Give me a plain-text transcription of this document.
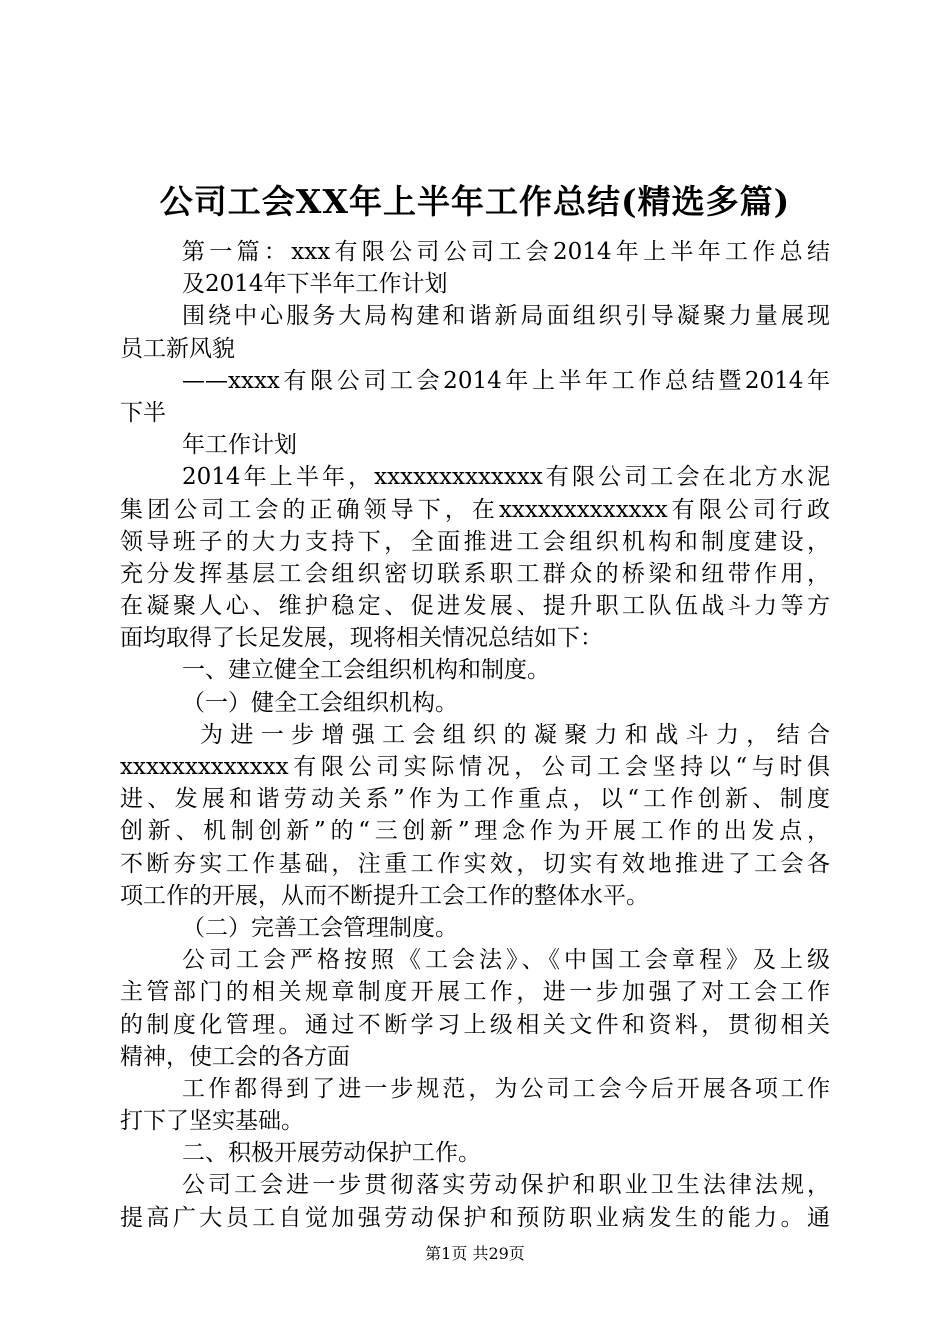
公司工会XX年上半年工作总结(精选多篇)
第一篇：xxx有限公司公司工会2014年上半年工作总结
及2014年下半年工作计划
围绕中心服务大局构建和谐新局面组织引导凝聚力量展现
员工新风貌
——xxxx有限公司工会2014年上半年工作总结暨2014年
下半
年工作计划
2014年上半年，xxxxxxxxxxxxx有限公司工会在北方水泥
集团公司工会的正确领导下，在xxxxxxxxxxxxx有限公司行政
领导班子的大力支持下，全面推进工会组织机构和制度建设，
充分发挥基层工会组织密切联系职工群众的桥梁和纽带作用，
在凝聚人心、维护稳定、促进发展、提升职工队伍战斗力等方
面均取得了长足发展，现将相关情况总结如下：
一、建立健全工会组织机构和制度。
（一）健全工会组织机构。
为进一步增强工会组织的凝聚力和战斗力，结合
xxxxxxxxxxxxx有限公司实际情况，公司工会坚持以“与时俱
进、发展和谐劳动关系”作为工作重点，以“工作创新、制度
创新、机制创新”的“三创新”理念作为开展工作的出发点，
不断夯实工作基础，注重工作实效，切实有效地推进了工会各
项工作的开展，从而不断提升工会工作的整体水平。
（二）完善工会管理制度。
公司工会严格按照《工会法》、《中国工会章程》及上级
主管部门的相关规章制度开展工作，进一步加强了对工会工作
的制度化管理。通过不断学习上级相关文件和资料，贯彻相关
精神，使工会的各方面
工作都得到了进一步规范，为公司工会今后开展各项工作
打下了坚实基础。
二、积极开展劳动保护工作。
公司工会进一步贯彻落实劳动保护和职业卫生法律法规，
提高广大员工自觉加强劳动保护和预防职业病发生的能力。通
第1页 共29页
